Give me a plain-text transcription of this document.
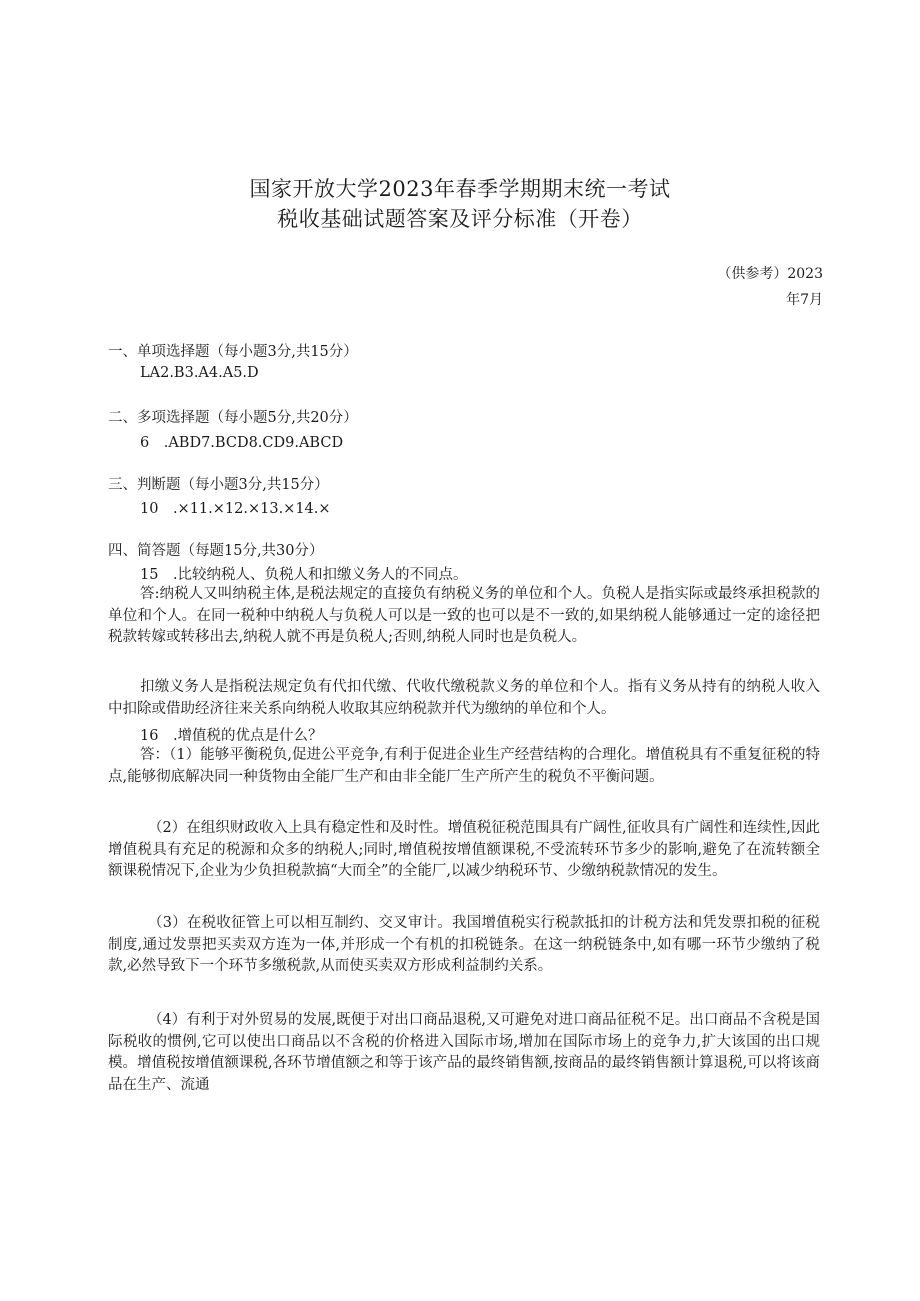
国家开放大学2023年春季学期期末统一考试
税收基础试题答案及评分标准（开卷）
（供参考）2023
年7月
一、单项选择题（每小题3分,共15分）
LA2.B3.A4.A5.D
二、多项选择题（每小题5分,共20分）
6　.ABD7.BCD8.CD9.ABCD
三、判断题（每小题3分,共15分）
10　.×11.×12.×13.×14.×
四、简答题（每题15分,共30分）
15　.比较纳税人、负税人和扣缴义务人的不同点。

答:纳税人又叫纳税主体,是税法规定的直接负有纳税义务的单位和个人。负税人是指实际或最终承担税款的单位和个人。在同一税种中纳税人与负税人可以是一致的也可以是不一致的,如果纳税人能够通过一定的途径把税款转嫁或转移出去,纳税人就不再是负税人;否则,纳税人同时也是负税人。

扣缴义务人是指税法规定负有代扣代缴、代收代缴税款义务的单位和个人。指有义务从持有的纳税人收入中扣除或借助经济往来关系向纳税人收取其应纳税款并代为缴纳的单位和个人。

16　.增值税的优点是什么？

答：（1）能够平衡税负,促进公平竞争,有利于促进企业生产经营结构的合理化。增值税具有不重复征税的特点,能够彻底解决同一种货物由全能厂生产和由非全能厂生产所产生的税负不平衡问题。

（2）在组织财政收入上具有稳定性和及时性。增值税征税范围具有广阔性,征收具有广阔性和连续性,因此增值税具有充足的税源和众多的纳税人;同时,增值税按增值额课税,不受流转环节多少的影响,避免了在流转额全额课税情况下,企业为少负担税款搞“大而全”的全能厂,以减少纳税环节、少缴纳税款情况的发生。

（3）在税收征管上可以相互制约、交叉审计。我国增值税实行税款抵扣的计税方法和凭发票扣税的征税制度,通过发票把买卖双方连为一体,并形成一个有机的扣税链条。在这一纳税链条中,如有哪一环节少缴纳了税款,必然导致下一个环节多缴税款,从而使买卖双方形成利益制约关系。

（4）有利于对外贸易的发展,既便于对出口商品退税,又可避免对进口商品征税不足。出口商品不含税是国际税收的惯例,它可以使出口商品以不含税的价格进入国际市场,增加在国际市场上的竞争力,扩大该国的出口规模。增值税按增值额课税,各环节增值额之和等于该产品的最终销售额,按商品的最终销售额计算退税,可以将该商品在生产、流通
